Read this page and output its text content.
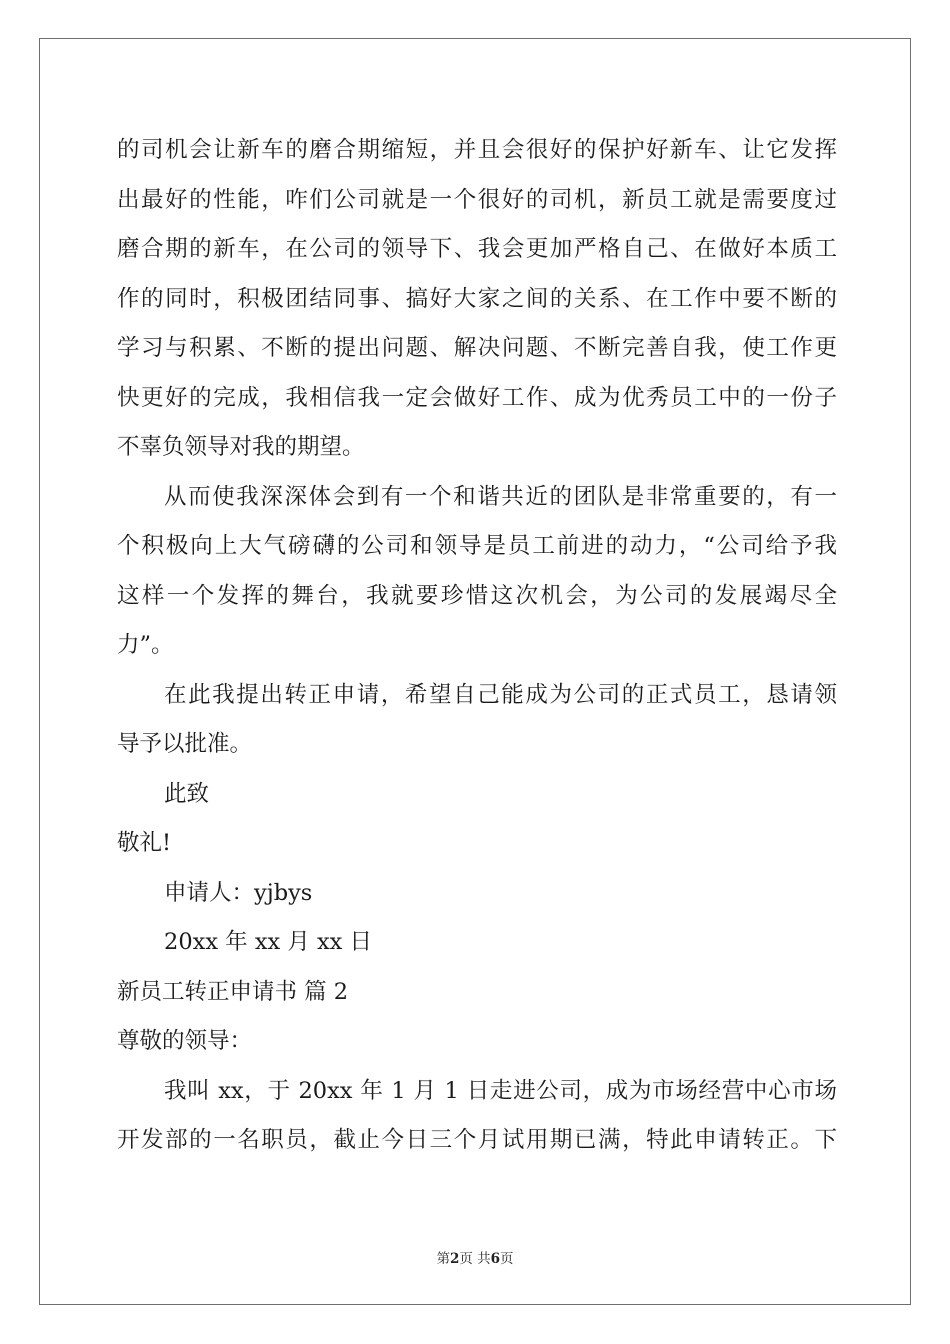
的司机会让新车的磨合期缩短，并且会很好的保护好新车、让它发挥
出最好的性能，咋们公司就是一个很好的司机，新员工就是需要度过
磨合期的新车，在公司的领导下、我会更加严格自己、在做好本质工
作的同时，积极团结同事、搞好大家之间的关系、在工作中要不断的
学习与积累、不断的提出问题、解决问题、不断完善自我，使工作更
快更好的完成，我相信我一定会做好工作、成为优秀员工中的一份子
不辜负领导对我的期望。
从而使我深深体会到有一个和谐共近的团队是非常重要的，有一
个积极向上大气磅礴的公司和领导是员工前进的动力，“公司给予我
这样一个发挥的舞台，我就要珍惜这次机会，为公司的发展竭尽全
力”。
在此我提出转正申请，希望自己能成为公司的正式员工，恳请领
导予以批准。
此致
敬礼!
申请人：yjbys
20xx 年 xx 月 xx 日
新员工转正申请书 篇 2
尊敬的领导：
我叫 xx，于 20xx 年 1 月 1 日走进公司，成为市场经营中心市场
开发部的一名职员，截止今日三个月试用期已满，特此申请转正。下
第2页 共6页
